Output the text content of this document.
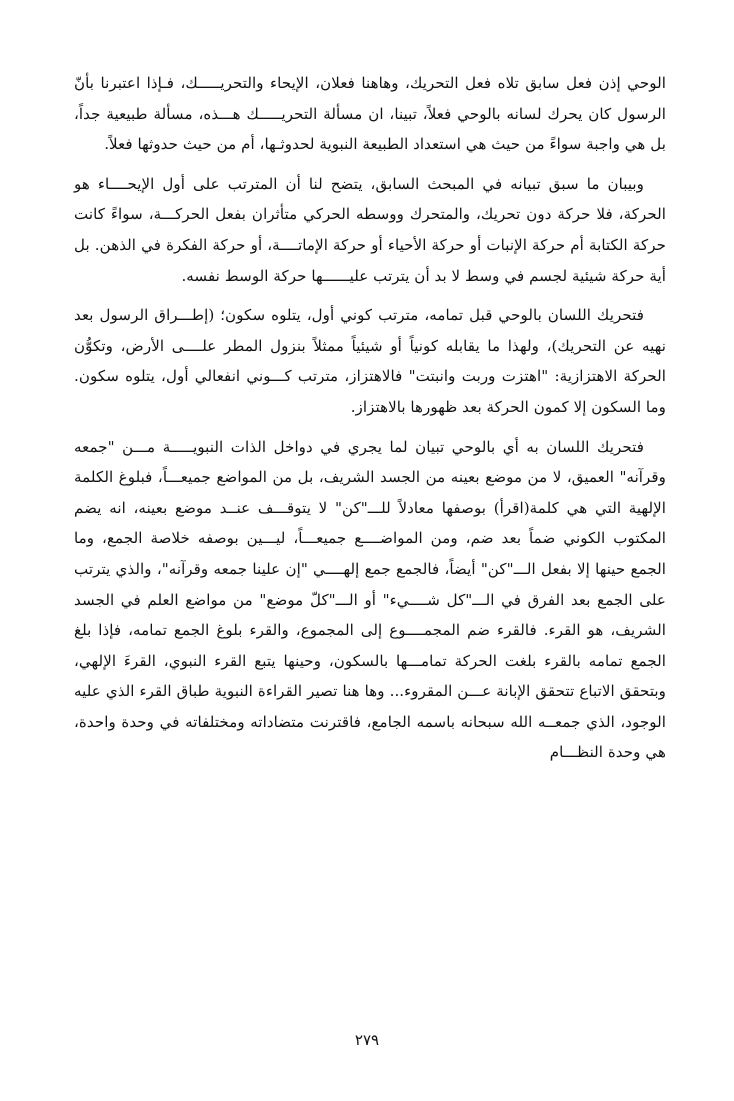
الوحي إذن فعل سابق تلاه فعل التحريك، وهاهنا فعلان، الإيحاء والتحريـــــك، فـإذا اعتبرنا بأنّ الرسول كان يحرك لسانه بالوحي فعلاً، تبينا، ان مسألة التحريـــــك هـــذه، مسألة طبيعية جداً، بل هي واجبة سواءً من حيث هي استعداد الطبيعة النبوية لحدوثـها، أم من حيث حدوثها فعلاً.

وبيبان ما سبق تبيانه في المبحث السابق، يتضح لنا أن المترتب على أول الإيحــــاء هو الحركة، فلا حركة دون تحريك، والمتحرك ووسطه الحركي متأثران بفعل الحركـــة، سواءً كانت حركة الكتابة أم حركة الإنبات أو حركة الأحياء أو حركة الإماتــــة، أو حركة الفكرة في الذهن. بل أية حركة شيئية لجسم في وسط لا بد أن يترتب عليــــــها حركة الوسط نفسه.

فتحريك اللسان بالوحي قبل تمامه، مترتب كوني أول، يتلوه سكون؛ (إطـــراق الرسول بعد نهيه عن التحريك)، ولهذا ما يقابله كونياً أو شيئياً ممثلاً بنزول المطر علــــى الأرض، وتكوُّن الحركة الاهتزازية: "اهتزت وربت وانبتت" فالاهتزاز، مترتب كـــوني انفعالي أول، يتلوه سكون. وما السكون إلا كمون الحركة بعد ظهورها بالاهتزاز.

فتحريك اللسان به أي بالوحي تبيان لما يجري في دواخل الذات النبويـــــة مـــن "جمعه وقرآنه" العميق، لا من موضع بعينه من الجسد الشريف، بل من المواضع جميعـــاً، فبلوغ الكلمة الإلهية التي هي كلمة(اقرأ) بوصفها معادلاً للـــ"كن" لا يتوقـــف عنــد موضع بعينه، انه يضم المكتوب الكوني ضماً بعد ضم، ومن المواضــــع جميعـــاً، ليـــين بوصفه خلاصة الجمع، وما الجمع حينها إلا بفعل الـــ"كن" أيضاً، فالجمع جمع إلهــــي "إن علينا جمعه وقرآنه"، والذي يترتب على الجمع بعد الفرق في الـــ"كل شــــيء" أو الـــ"كلّ موضع" من مواضع العلم في الجسد الشريف، هو القرء. فالقرء ضم المجمــــوع إلى المجموع، والقرء بلوغ الجمع تمامه، فإذا بلغ الجمع تمامه بالقرء بلغت الحركة تمامـــها بالسكون، وحينها يتبع القرء النبوي، القرءَ الإلهي، وبتحقق الاتباع تتحقق الإبانة عـــن المقروء... وها هنا تصير القراءة النبوية طباق القرء الذي عليه الوجود، الذي جمعــه الله سبحانه باسمه الجامع، فاقترنت متضاداته ومختلفاته في وحدة واحدة، هي وحدة النظـــام

٢٧٩
